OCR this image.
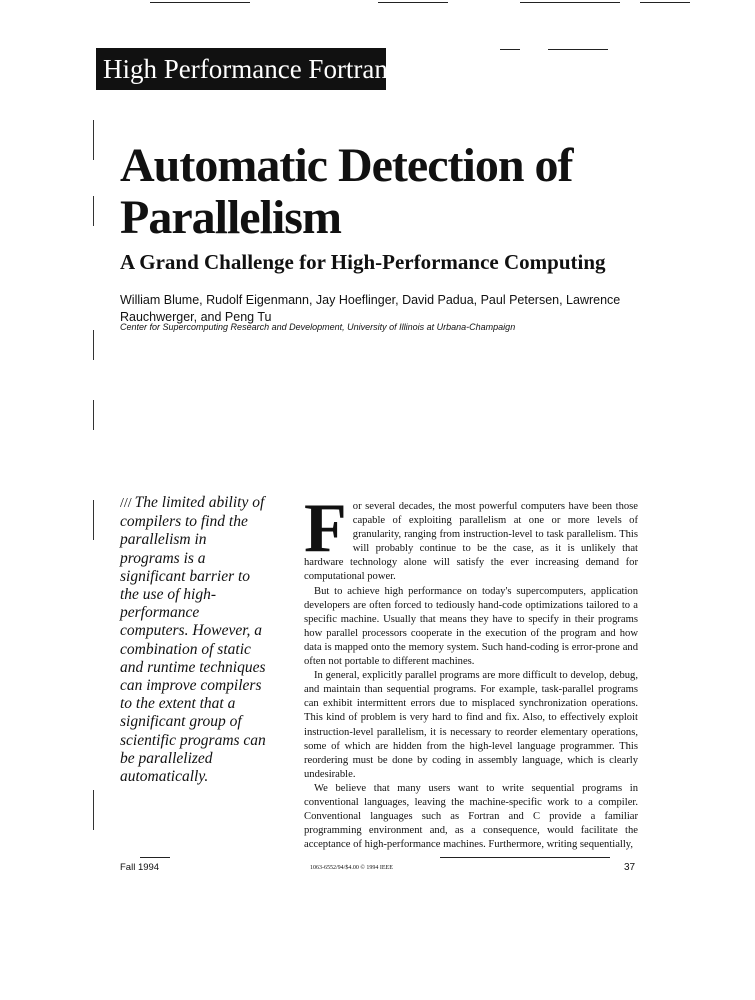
High Performance Fortran
Automatic Detection of Parallelism
A Grand Challenge for High-Performance Computing

William Blume, Rudolf Eigenmann, Jay Hoeflinger, David Padua, Paul Petersen, Lawrence Rauchwerger, and Peng Tu

Center for Supercomputing Research and Development, University of Illinois at Urbana-Champaign

/// The limited ability of compilers to find the parallelism in programs is a significant barrier to the use of high-performance computers. However, a combination of static and runtime techniques can improve compilers to the extent that a significant group of scientific programs can be parallelized automatically.

For several decades, the most powerful computers have been those capable of exploiting parallelism at one or more levels of granularity, ranging from instruction-level to task parallelism. This will probably continue to be the case, as it is unlikely that hardware technology alone will satisfy the ever increasing demand for computational power.

But to achieve high performance on today's supercomputers, application developers are often forced to tediously hand-code optimizations tailored to a specific machine. Usually that means they have to specify in their programs how parallel processors cooperate in the execution of the program and how data is mapped onto the memory system. Such hand-coding is error-prone and often not portable to different machines.

In general, explicitly parallel programs are more difficult to develop, debug, and maintain than sequential programs. For example, task-parallel programs can exhibit intermittent errors due to misplaced synchronization operations. This kind of problem is very hard to find and fix. Also, to effectively exploit instruction-level parallelism, it is necessary to reorder elementary operations, some of which are hidden from the high-level language programmer. This reordering must be done by coding in assembly language, which is clearly undesirable.

We believe that many users want to write sequential programs in conventional languages, leaving the machine-specific work to a compiler. Conventional languages such as Fortran and C provide a familiar programming environment and, as a consequence, would facilitate the acceptance of high-performance machines. Furthermore, writing sequentially,

Fall 1994	1063-6552/94/$4.00 © 1994 IEEE	37
